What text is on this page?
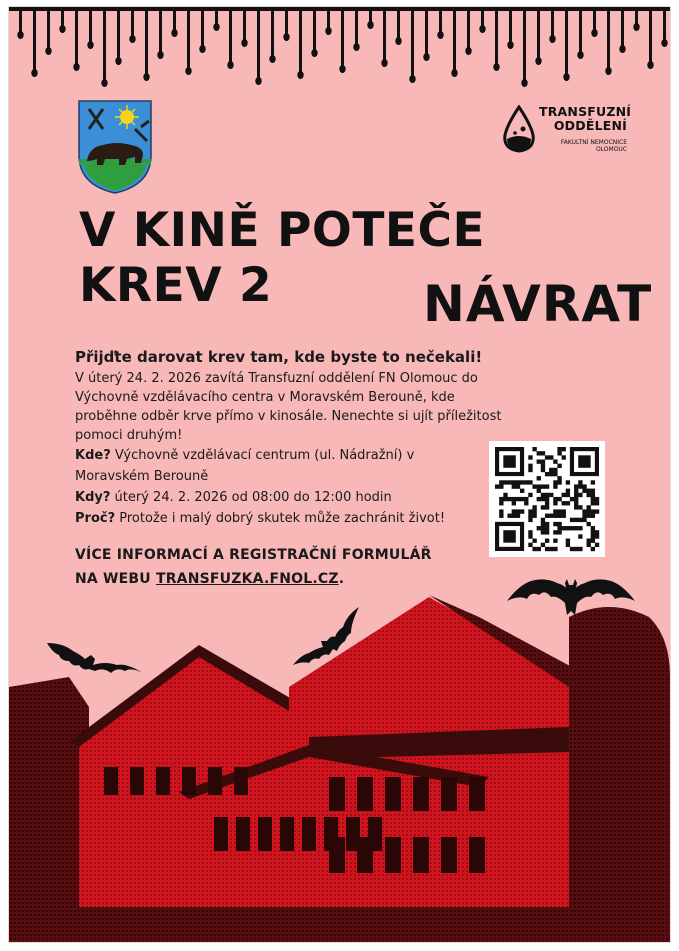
TRANSFUZNÍ
ODDĚLENÍ
FAKULTNÍ NEMOCNICE
OLOMOUC
V KINĚ POTEČE KREV 2	NÁVRAT

Přijďte darovat krev tam, kde byste to nečekali!

V úterý 24. 2. 2026 zavítá Transfuzní oddělení FN Olomouc do Výchovně vzdělávacího centra v Moravském Berouně, kde proběhne odběr krve přímo v kinosále. Nenechte si ujít příležitost pomoci druhým!

Kde? Výchovně vzdělávací centrum (ul. Nádražní) v Moravském Berouně
Kdy? úterý 24. 2. 2026 od 08:00 do 12:00 hodin
Proč? Protože i malý dobrý skutek může zachránit život!
VÍCE INFORMACÍ A REGISTRAČNÍ FORMULÁŘ
NA WEBU TRANSFUZKA.FNOL.CZ.
